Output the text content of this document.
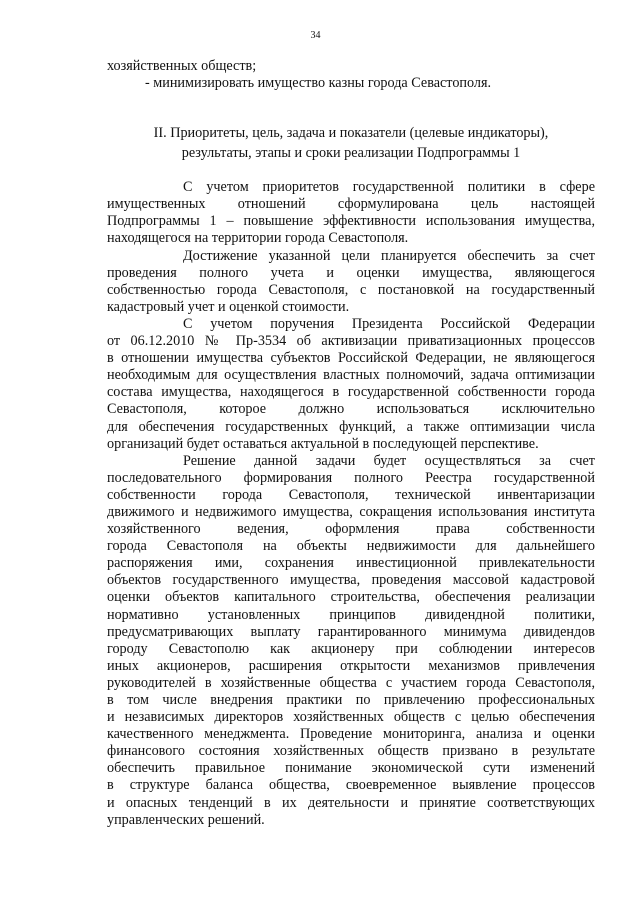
34

хозяйственных обществ;

- минимизировать имущество казны города Севастополя.

II. Приоритеты, цель, задача и показатели (целевые индикаторы),

результаты, этапы и сроки реализации Подпрограммы 1

С учетом приоритетов государственной политики в сфере
имущественных отношений сформулирована цель настоящей
Подпрограммы 1 – повышение эффективности использования имущества,
находящегося на территории города Севастополя.
Достижение указанной цели планируется обеспечить за счет
проведения полного учета и оценки имущества, являющегося
собственностью города Севастополя, с постановкой на государственный
кадастровый учет и оценкой стоимости.
С учетом поручения Президента Российской Федерации
от 06.12.2010 № Пр-3534 об активизации приватизационных процессов
в отношении имущества субъектов Российской Федерации, не являющегося
необходимым для осуществления властных полномочий, задача оптимизации
состава имущества, находящегося в государственной собственности города
Севастополя, которое должно использоваться исключительно
для обеспечения государственных функций, а также оптимизации числа
организаций будет оставаться актуальной в последующей перспективе.
Решение данной задачи будет осуществляться за счет
последовательного формирования полного Реестра государственной
собственности города Севастополя, технической инвентаризации
движимого и недвижимого имущества, сокращения использования института
хозяйственного ведения, оформления права собственности
города Севастополя на объекты недвижимости для дальнейшего
распоряжения ими, сохранения инвестиционной привлекательности
объектов государственного имущества, проведения массовой кадастровой
оценки объектов капитального строительства, обеспечения реализации
нормативно установленных принципов дивидендной политики,
предусматривающих выплату гарантированного минимума дивидендов
городу Севастополю как акционеру при соблюдении интересов
иных акционеров, расширения открытости механизмов привлечения
руководителей в хозяйственные общества с участием города Севастополя,
в том числе внедрения практики по привлечению профессиональных
и независимых директоров хозяйственных обществ с целью обеспечения
качественного менеджмента. Проведение мониторинга, анализа и оценки
финансового состояния хозяйственных обществ призвано в результате
обеспечить правильное понимание экономической сути изменений
в структуре баланса общества, своевременное выявление процессов
и опасных тенденций в их деятельности и принятие соответствующих
управленческих решений.
